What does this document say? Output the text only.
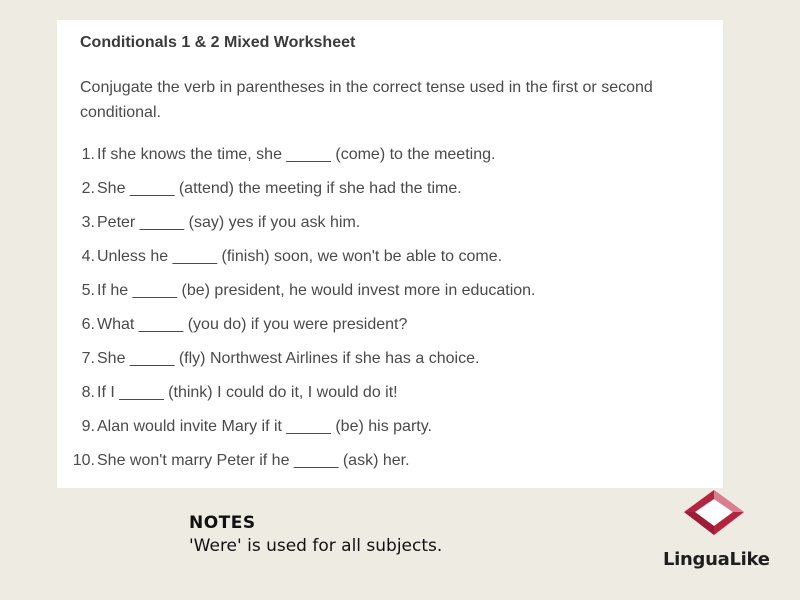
Conditionals 1 & 2 Mixed Worksheet

Conjugate the verb in parentheses in the correct tense used in the first or second conditional.

1. If she knows the time, she _____ (come) to the meeting.
2. She _____ (attend) the meeting if she had the time.
3. Peter _____ (say) yes if you ask him.
4. Unless he _____ (finish) soon, we won't be able to come.
5. If he _____ (be) president, he would invest more in education.
6. What _____ (you do) if you were president?
7. She _____ (fly) Northwest Airlines if she has a choice.
8. If I _____ (think) I could do it, I would do it!
9. Alan would invite Mary if it _____ (be) his party.
10. She won't marry Peter if he _____ (ask) her.
NOTES
'Were' is used for all subjects.
LinguaLike
